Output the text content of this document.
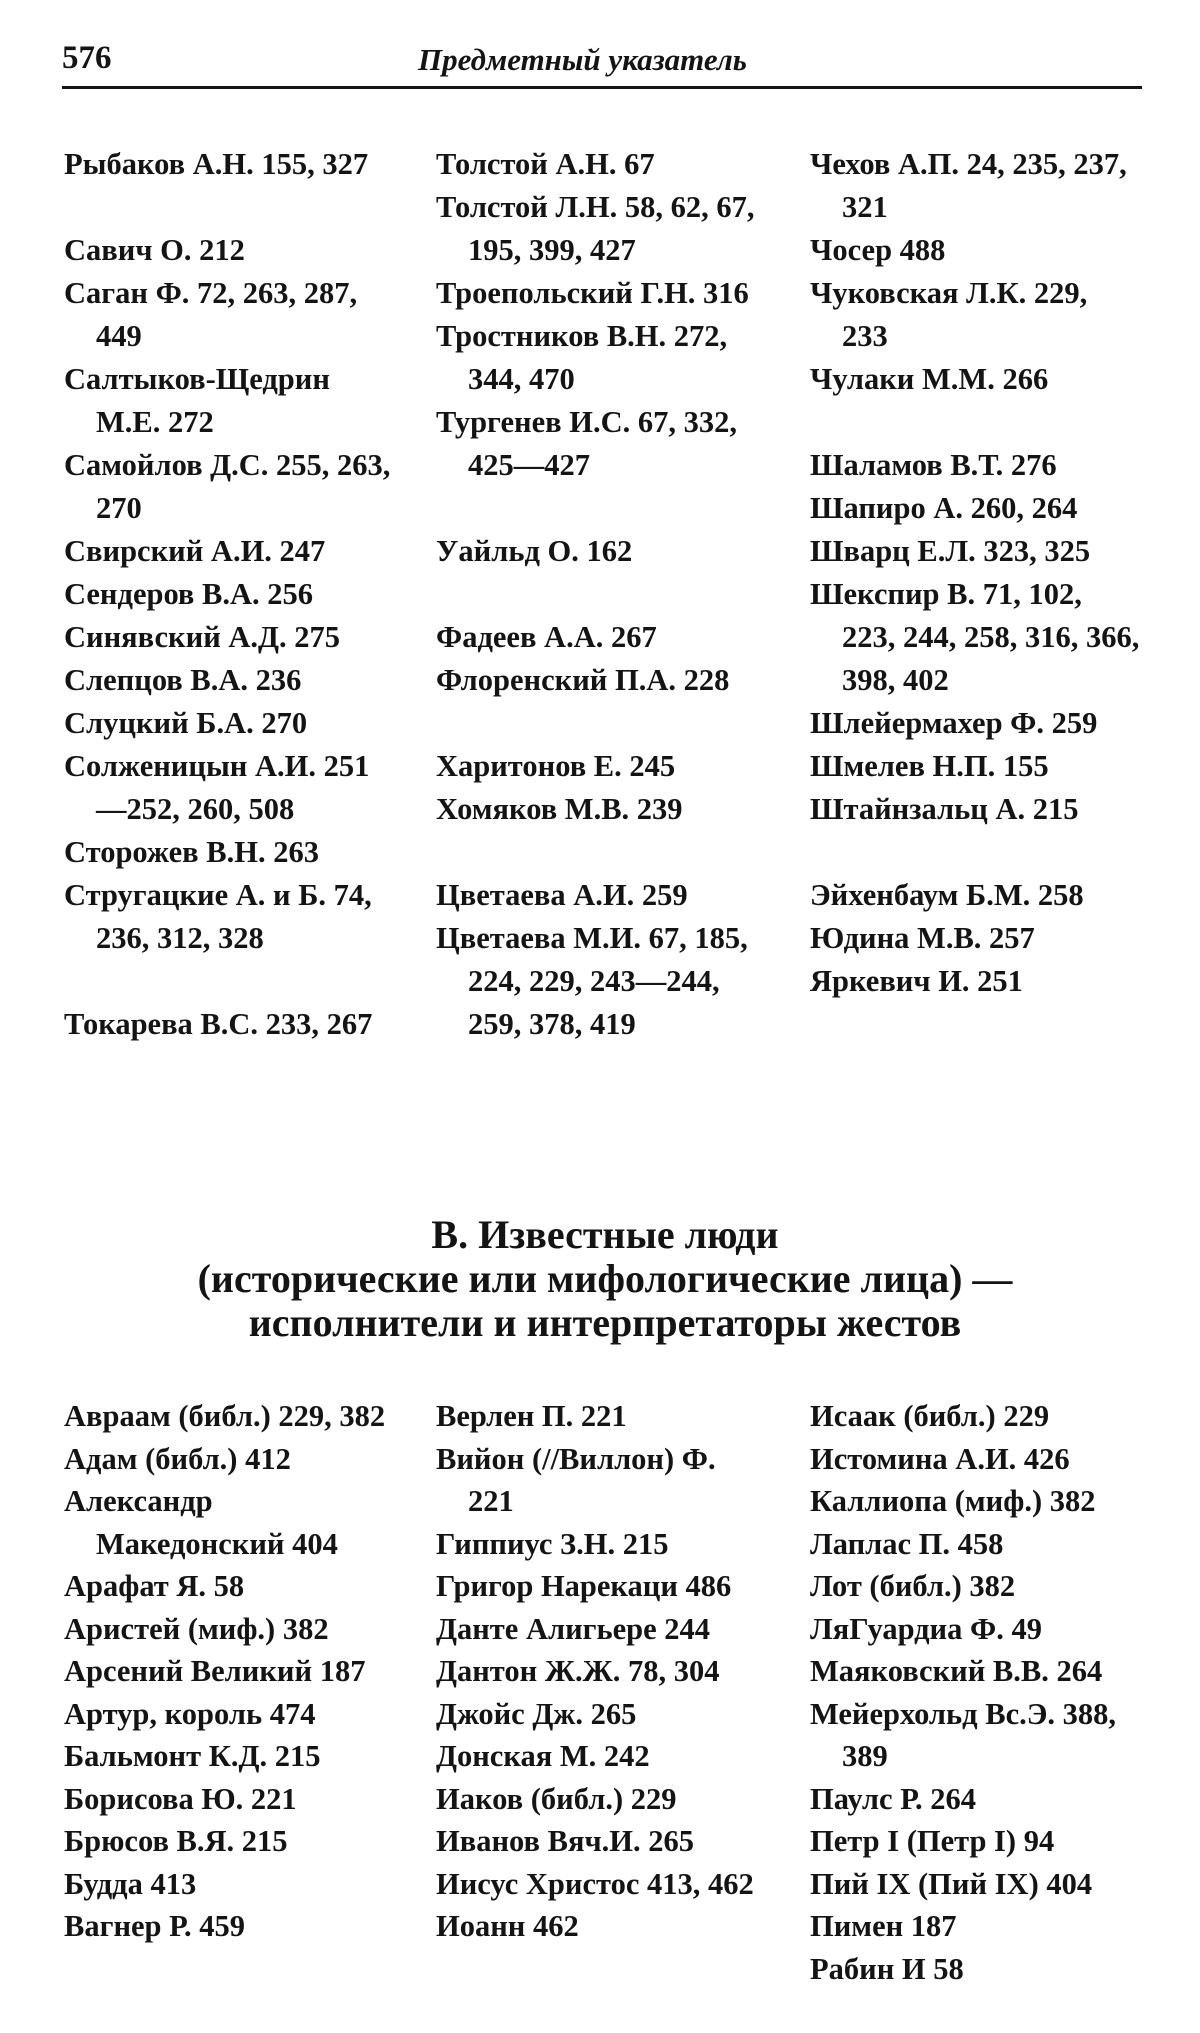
576	Предметный указатель
Рыбаков А.Н. 155, 327
Савич О. 212
Саган Ф. 72, 263, 287, 449
Салтыков-Щедрин М.Е. 272
Самойлов Д.С. 255, 263, 270
Свирский А.И. 247
Сендеров В.А. 256
Синявский А.Д. 275
Слепцов В.А. 236
Слуцкий Б.А. 270
Солженицын А.И. 251—252, 260, 508
Сторожев В.Н. 263
Стругацкие А. и Б. 74, 236, 312, 328
Токарева В.С. 233, 267
Толстой А.Н. 67
Толстой Л.Н. 58, 62, 67, 195, 399, 427
Троепольский Г.Н. 316
Тростников В.Н. 272, 344, 470
Тургенев И.С. 67, 332, 425—427
Уайльд О. 162
Фадеев А.А. 267
Флоренский П.А. 228
Харитонов Е. 245
Хомяков М.В. 239
Цветаева А.И. 259
Цветаева М.И. 67, 185, 224, 229, 243—244, 259, 378, 419
Чехов А.П. 24, 235, 237, 321
Чосер 488
Чуковская Л.К. 229, 233
Чулаки М.М. 266
Шаламов В.Т. 276
Шапиро А. 260, 264
Шварц Е.Л. 323, 325
Шекспир В. 71, 102, 223, 244, 258, 316, 366, 398, 402
Шлейермахер Ф. 259
Шмелев Н.П. 155
Штайнзальц А. 215
Эйхенбаум Б.М. 258
Юдина М.В. 257
Яркевич И. 251
В. Известные люди
(исторические или мифологические лица) —
исполнители и интерпретаторы жестов
Авраам (библ.) 229, 382
Адам (библ.) 412
Александр Македонский 404
Арафат Я. 58
Аристей (миф.) 382
Арсений Великий 187
Артур, король 474
Бальмонт К.Д. 215
Борисова Ю. 221
Брюсов В.Я. 215
Будда 413
Вагнер Р. 459
Верлен П. 221
Вийон (//Виллон) Ф. 221
Гиппиус З.Н. 215
Григор Нарекаци 486
Данте Алигьере 244
Дантон Ж.Ж. 78, 304
Джойс Дж. 265
Донская М. 242
Иаков (библ.) 229
Иванов Вяч.И. 265
Иисус Христос 413, 462
Иоанн 462
Исаак (библ.) 229
Истомина А.И. 426
Каллиопа (миф.) 382
Лаплас П. 458
Лот (библ.) 382
ЛяГуардиа Ф. 49
Маяковский В.В. 264
Мейерхольд Вс.Э. 388, 389
Паулс Р. 264
Петр I (Петр I) 94
Пий IX (Пий IX) 404
Пимен 187
Рабин И 58
